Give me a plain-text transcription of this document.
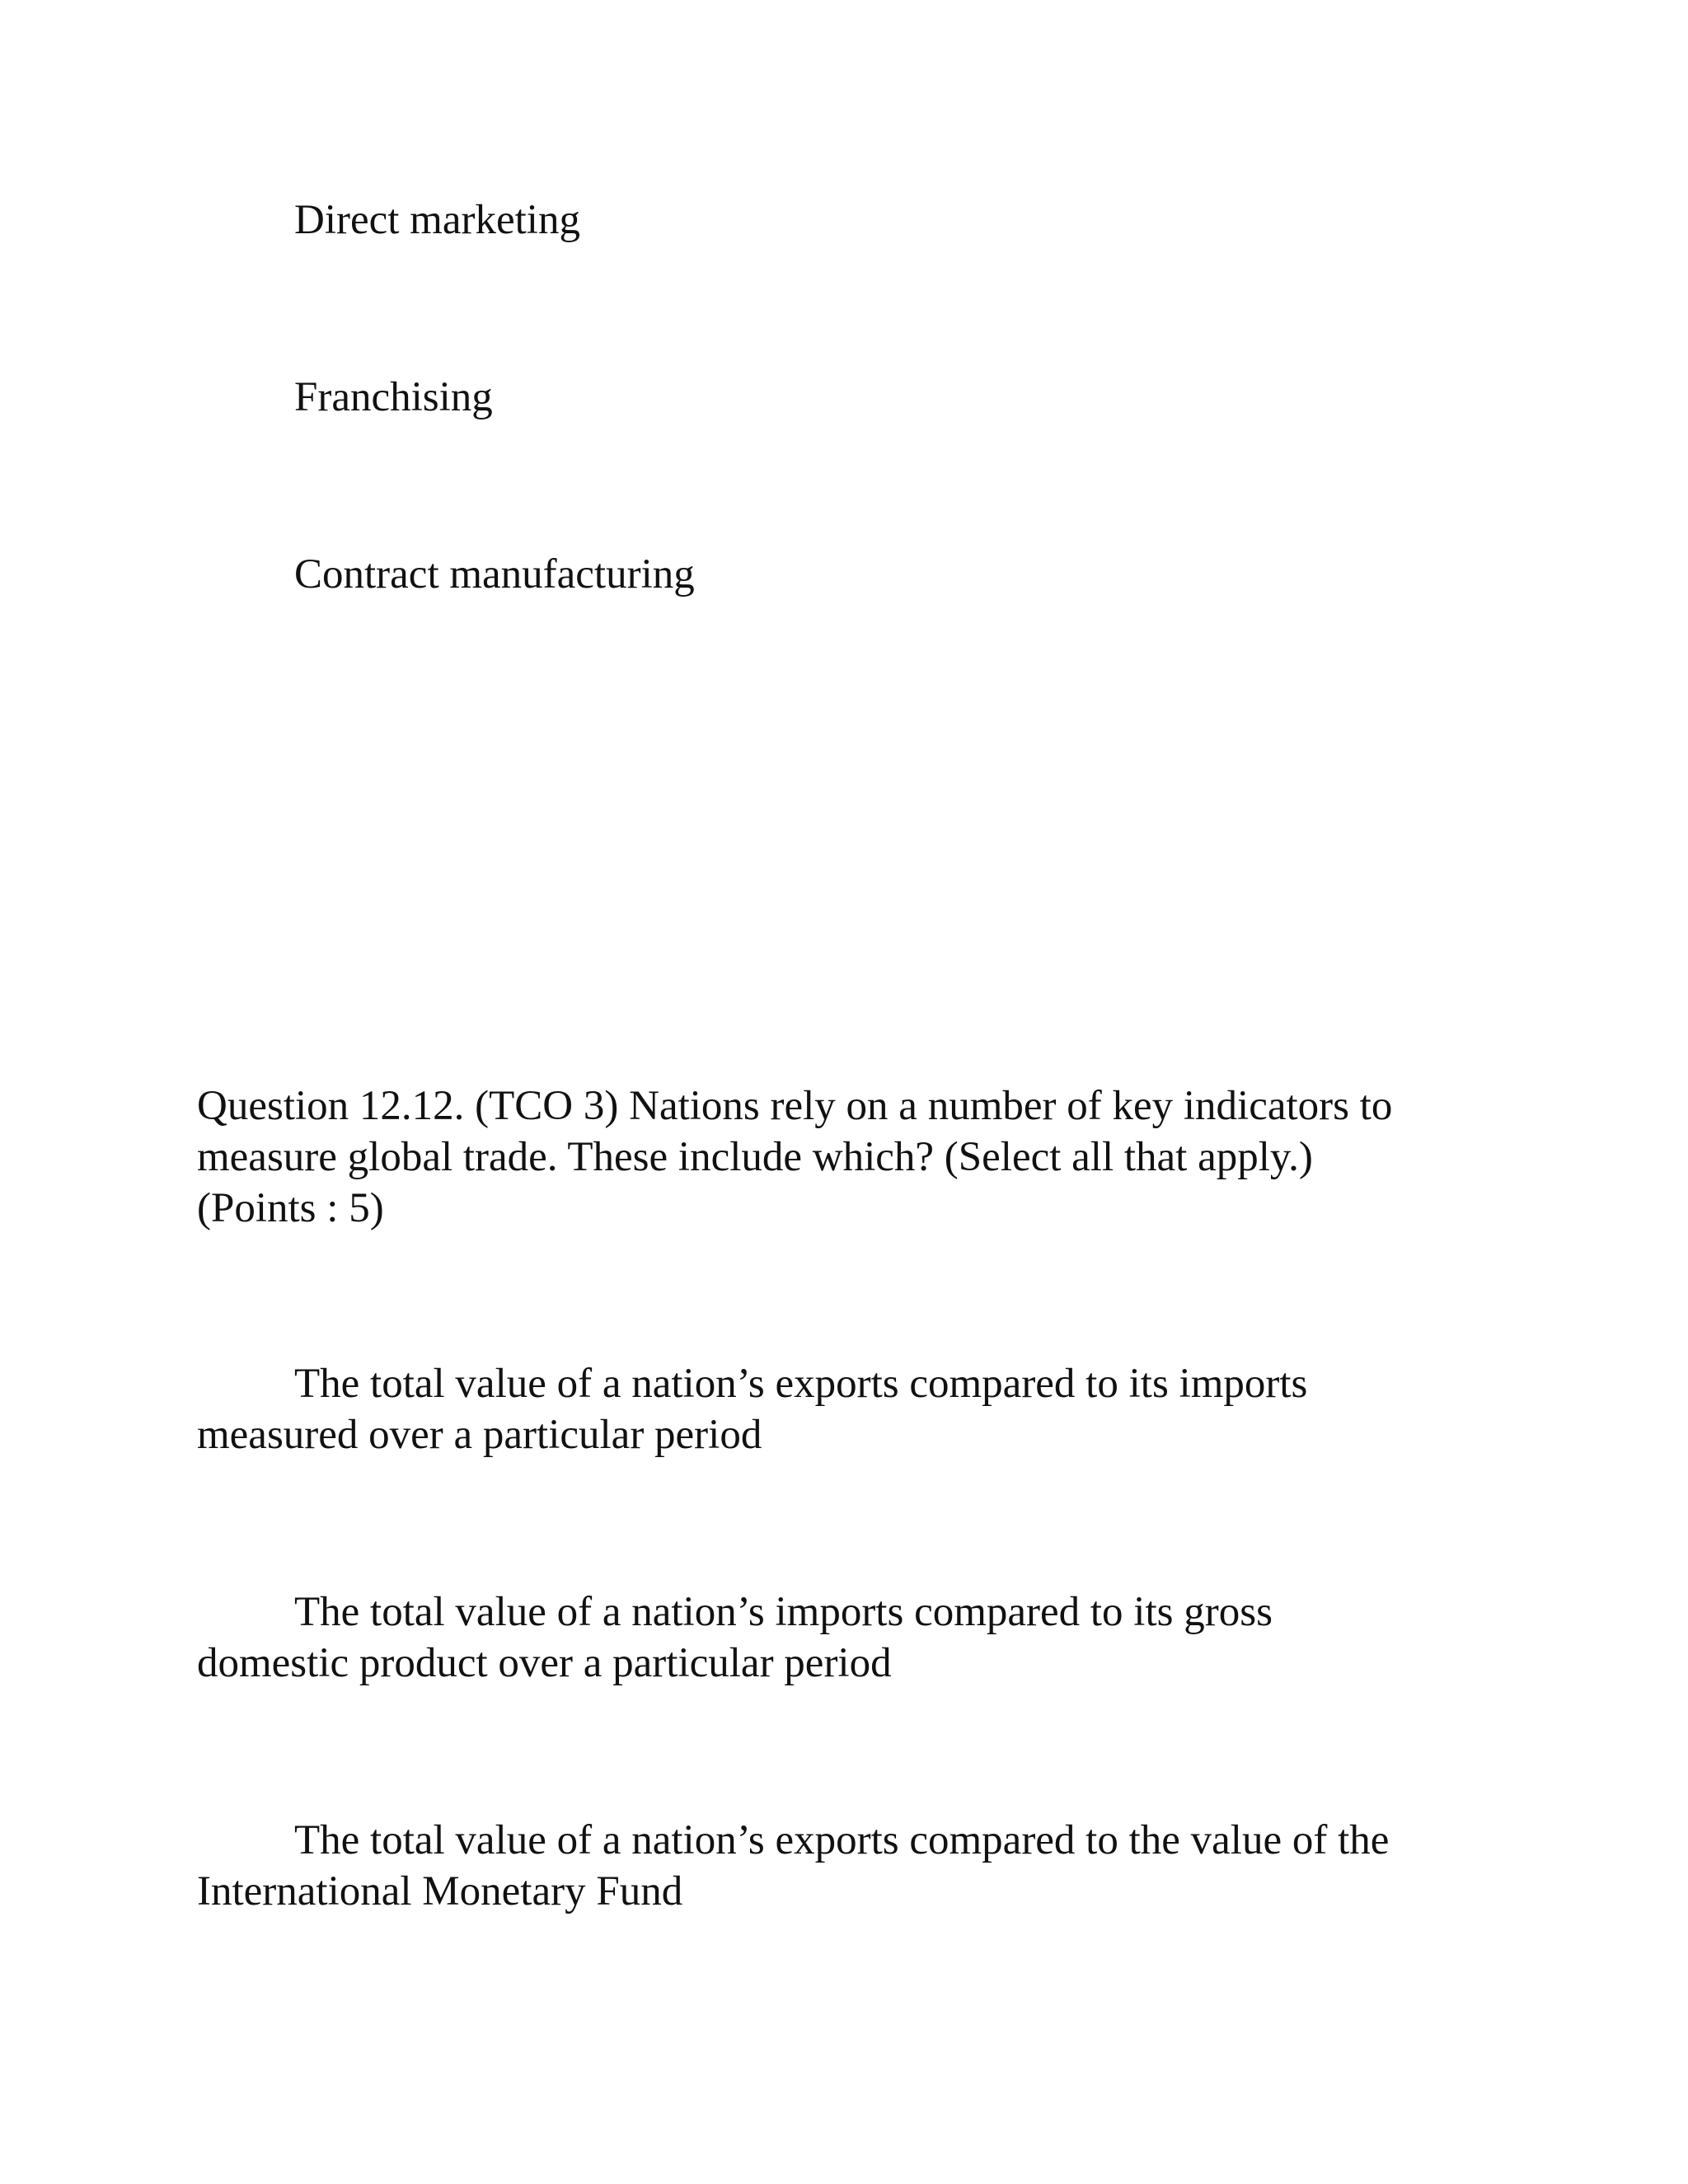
Direct marketing

Franchising

Contract manufacturing

Question 12.12. (TCO 3) Nations rely on a number of key indicators to

measure global trade. These include which? (Select all that apply.)

(Points : 5)

The total value of a nation’s exports compared to its imports

measured over a particular period

The total value of a nation’s imports compared to its gross

domestic product over a particular period

The total value of a nation’s exports compared to the value of the

International Monetary Fund
